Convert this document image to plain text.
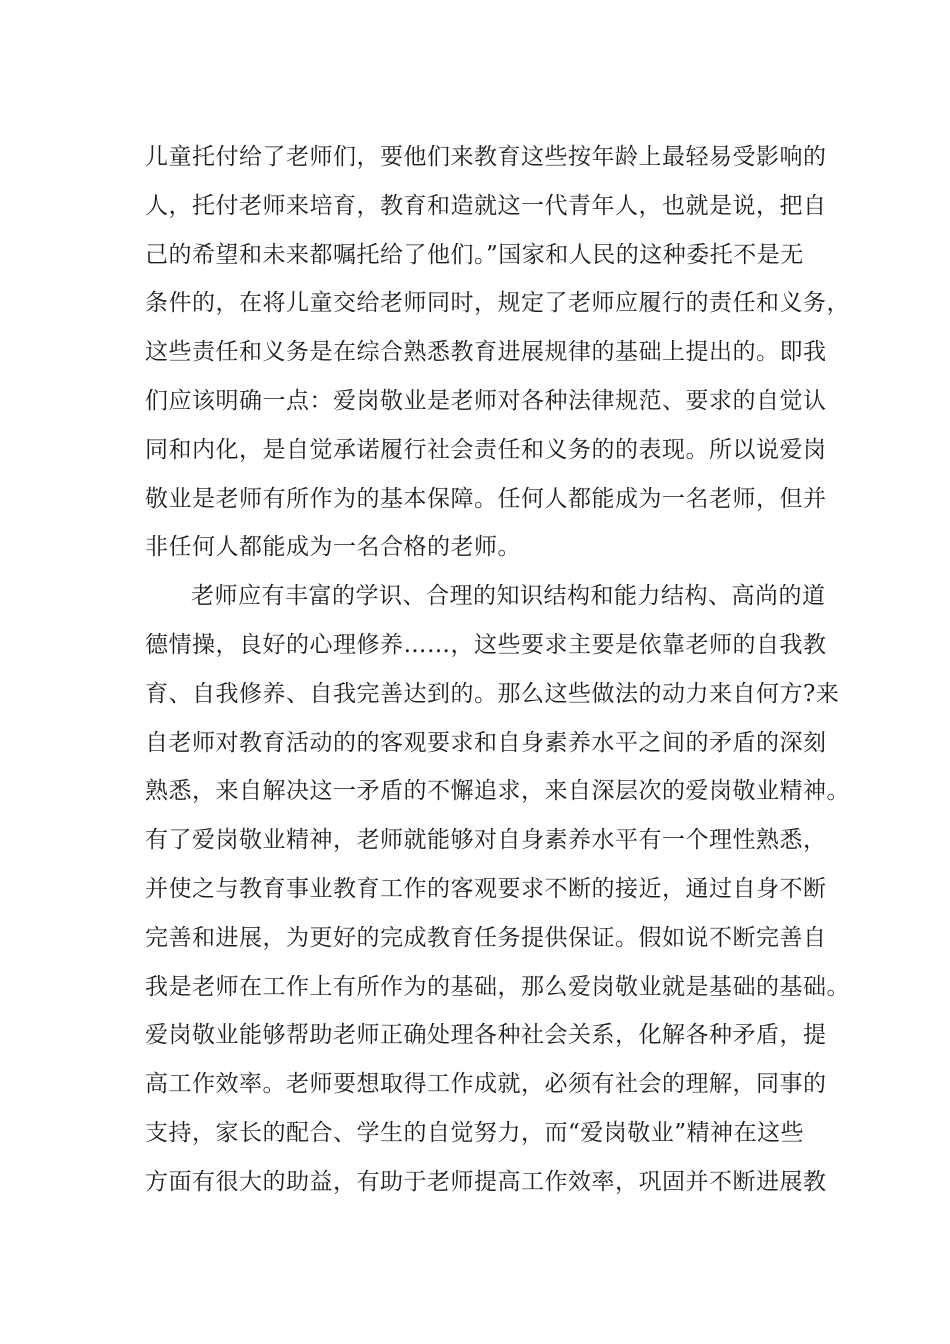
儿童托付给了老师们，要他们来教育这些按年龄上最轻易受影响的
人，托付老师来培育，教育和造就这一代青年人，也就是说，把自
己的希望和未来都嘱托给了他们。”国家和人民的这种委托不是无
条件的，在将儿童交给老师同时，规定了老师应履行的责任和义务，
这些责任和义务是在综合熟悉教育进展规律的基础上提出的。即我
们应该明确一点：爱岗敬业是老师对各种法律规范、要求的自觉认
同和内化，是自觉承诺履行社会责任和义务的的表现。所以说爱岗
敬业是老师有所作为的基本保障。任何人都能成为一名老师，但并
非任何人都能成为一名合格的老师。
老师应有丰富的学识、合理的知识结构和能力结构、高尚的道
德情操，良好的心理修养……，这些要求主要是依靠老师的自我教
育、自我修养、自我完善达到的。那么这些做法的动力来自何方?来
自老师对教育活动的的客观要求和自身素养水平之间的矛盾的深刻
熟悉，来自解决这一矛盾的不懈追求，来自深层次的爱岗敬业精神。
有了爱岗敬业精神，老师就能够对自身素养水平有一个理性熟悉，
并使之与教育事业教育工作的客观要求不断的接近，通过自身不断
完善和进展，为更好的完成教育任务提供保证。假如说不断完善自
我是老师在工作上有所作为的基础，那么爱岗敬业就是基础的基础。
爱岗敬业能够帮助老师正确处理各种社会关系，化解各种矛盾，提
高工作效率。老师要想取得工作成就，必须有社会的理解，同事的
支持，家长的配合、学生的自觉努力，而“爱岗敬业”精神在这些
方面有很大的助益，有助于老师提高工作效率，巩固并不断进展教
